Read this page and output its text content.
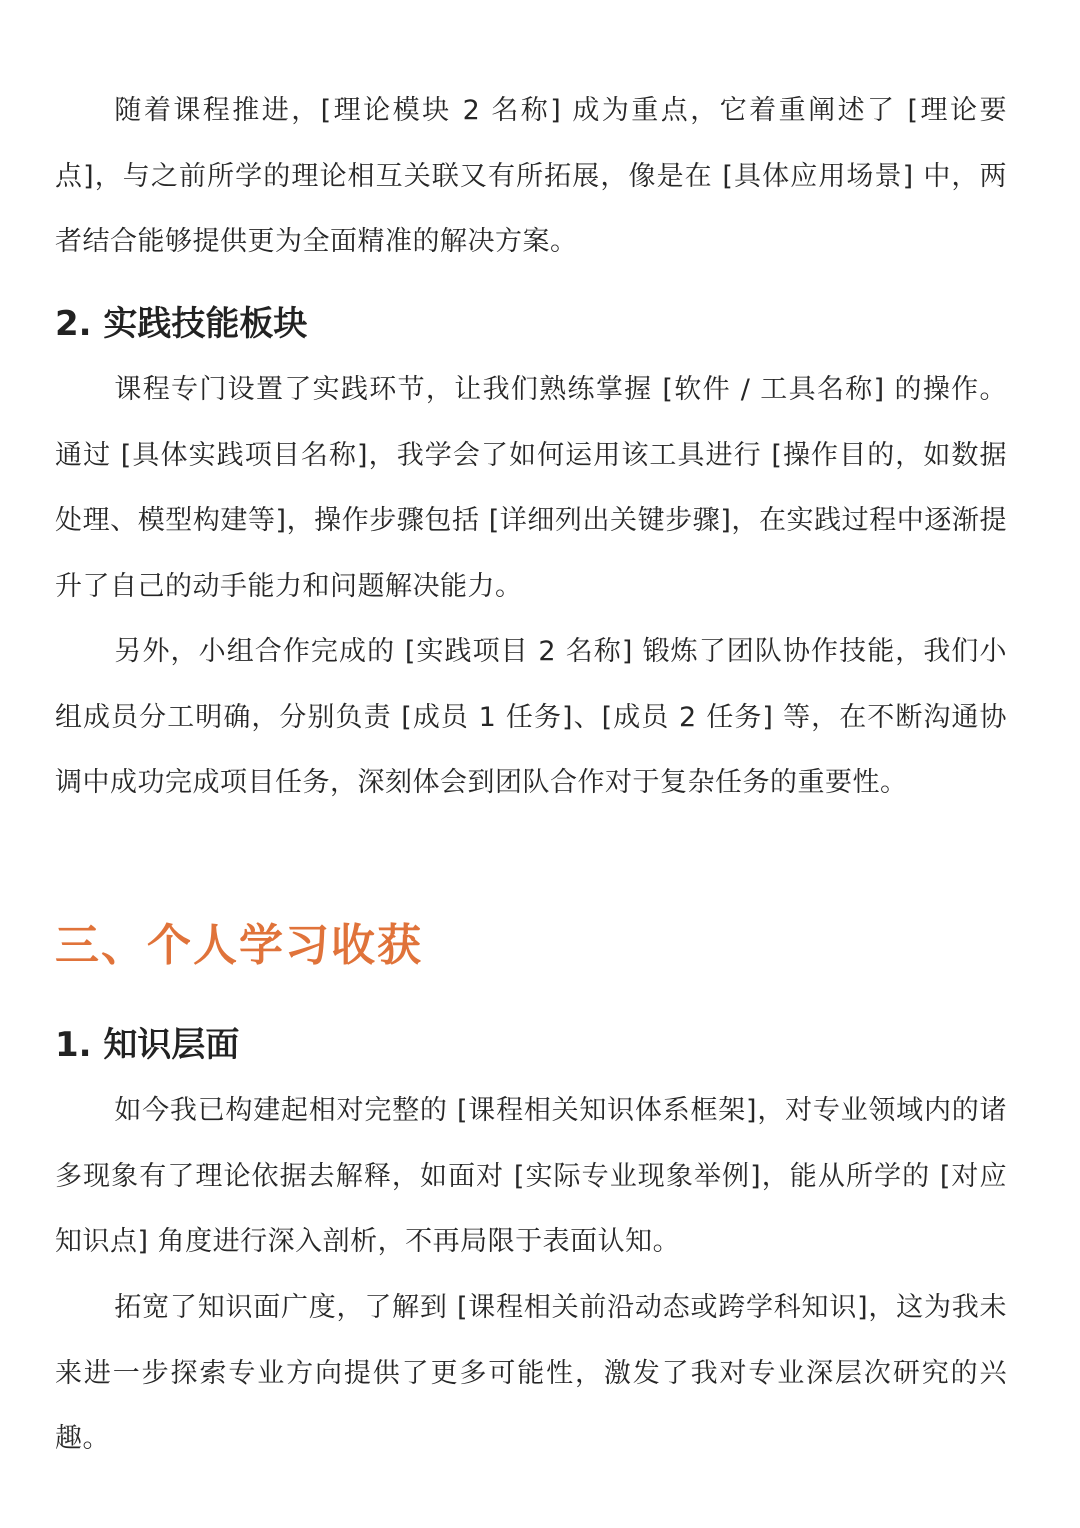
随着课程推进，[理论模块 2 名称] 成为重点，它着重阐述了 [理论要点]，与之前所学的理论相互关联又有所拓展，像是在 [具体应用场景] 中，两者结合能够提供更为全面精准的解决方案。

2. 实践技能板块

课程专门设置了实践环节，让我们熟练掌握 [软件 / 工具名称] 的操作。通过 [具体实践项目名称]，我学会了如何运用该工具进行 [操作目的，如数据处理、模型构建等]，操作步骤包括 [详细列出关键步骤]，在实践过程中逐渐提升了自己的动手能力和问题解决能力。

另外，小组合作完成的 [实践项目 2 名称] 锻炼了团队协作技能，我们小组成员分工明确，分别负责 [成员 1 任务]、[成员 2 任务] 等，在不断沟通协调中成功完成项目任务，深刻体会到团队合作对于复杂任务的重要性。

三、个人学习收获
1. 知识层面

如今我已构建起相对完整的 [课程相关知识体系框架]，对专业领域内的诸多现象有了理论依据去解释，如面对 [实际专业现象举例]，能从所学的 [对应知识点] 角度进行深入剖析，不再局限于表面认知。

拓宽了知识面广度，了解到 [课程相关前沿动态或跨学科知识]，这为我未来进一步探索专业方向提供了更多可能性，激发了我对专业深层次研究的兴趣。
